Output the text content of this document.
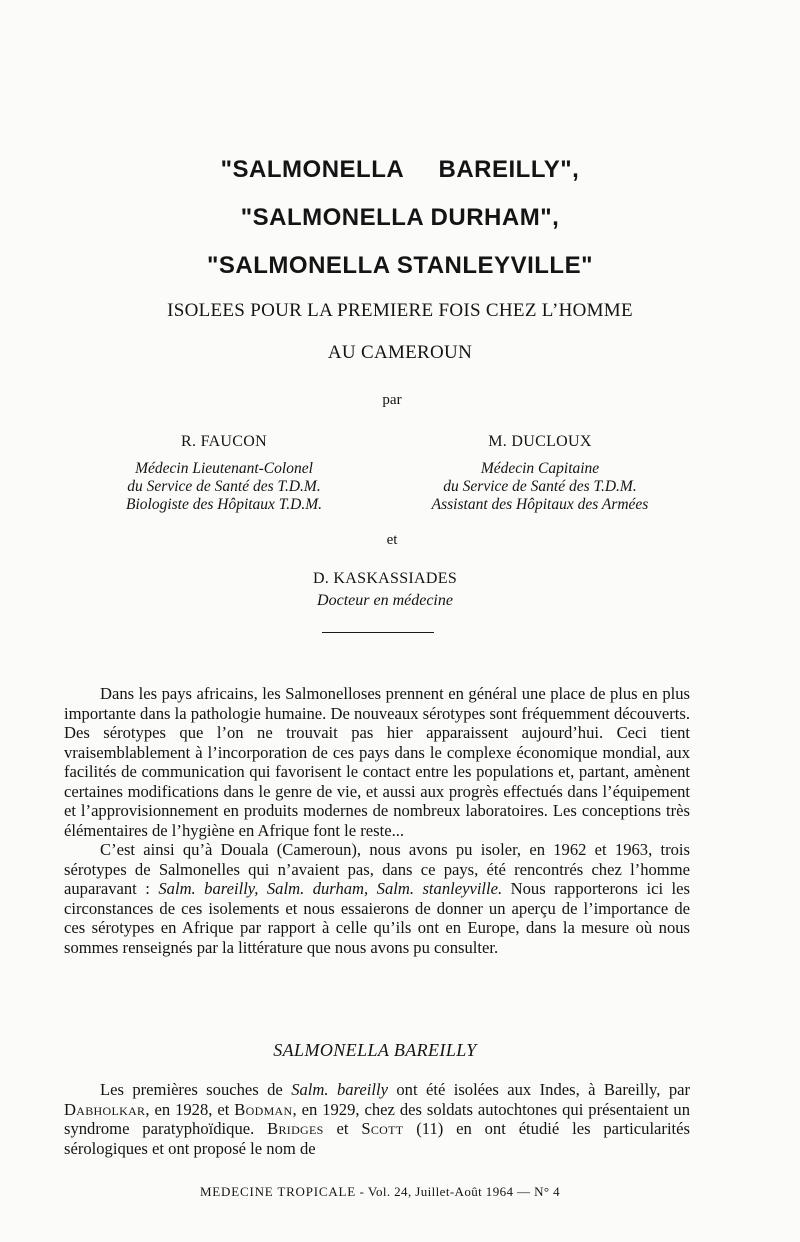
"SALMONELLA BAREILLY",
"SALMONELLA DURHAM",
"SALMONELLA STANLEYVILLE"
ISOLEES POUR LA PREMIERE FOIS CHEZ L’HOMME
AU CAMEROUN
par
R. FAUCON
Médecin Lieutenant-Colonel
du Service de Santé des T.D.M.
Biologiste des Hôpitaux T.D.M.
M. DUCLOUX
Médecin Capitaine
du Service de Santé des T.D.M.
Assistant des Hôpitaux des Armées
et
D. KASKASSIADES
Docteur en médecine

Dans les pays africains, les Salmonelloses prennent en général une place de plus en plus importante dans la pathologie humaine. De nouveaux sérotypes sont fréquemment découverts. Des sérotypes que l’on ne trouvait pas hier apparaissent aujourd’hui. Ceci tient vraisemblablement à l’incorporation de ces pays dans le complexe économique mondial, aux facilités de communication qui favorisent le contact entre les populations et, partant, amènent certaines modifications dans le genre de vie, et aussi aux progrès effectués dans l’équipement et l’approvisionnement en produits modernes de nombreux laboratoires. Les conceptions très élémentaires de l’hygiène en Afrique font le reste...

C’est ainsi qu’à Douala (Cameroun), nous avons pu isoler, en 1962 et 1963, trois sérotypes de Salmonelles qui n’avaient pas, dans ce pays, été rencontrés chez l’homme auparavant : Salm. bareilly, Salm. durham, Salm. stanleyville. Nous rapporterons ici les circonstances de ces isolements et nous essaierons de donner un aperçu de l’importance de ces sérotypes en Afrique par rapport à celle qu’ils ont en Europe, dans la mesure où nous sommes renseignés par la littérature que nous avons pu consulter.

SALMONELLA BAREILLY

Les premières souches de Salm. bareilly ont été isolées aux Indes, à Bareilly, par Dabholkar, en 1928, et Bodman, en 1929, chez des soldats autochtones qui présentaient un syndrome paratyphoïdique. Bridges et Scott (11) en ont étudié les particularités sérologiques et ont proposé le nom de

MEDECINE TROPICALE - Vol. 24, Juillet-Août 1964 — N° 4
